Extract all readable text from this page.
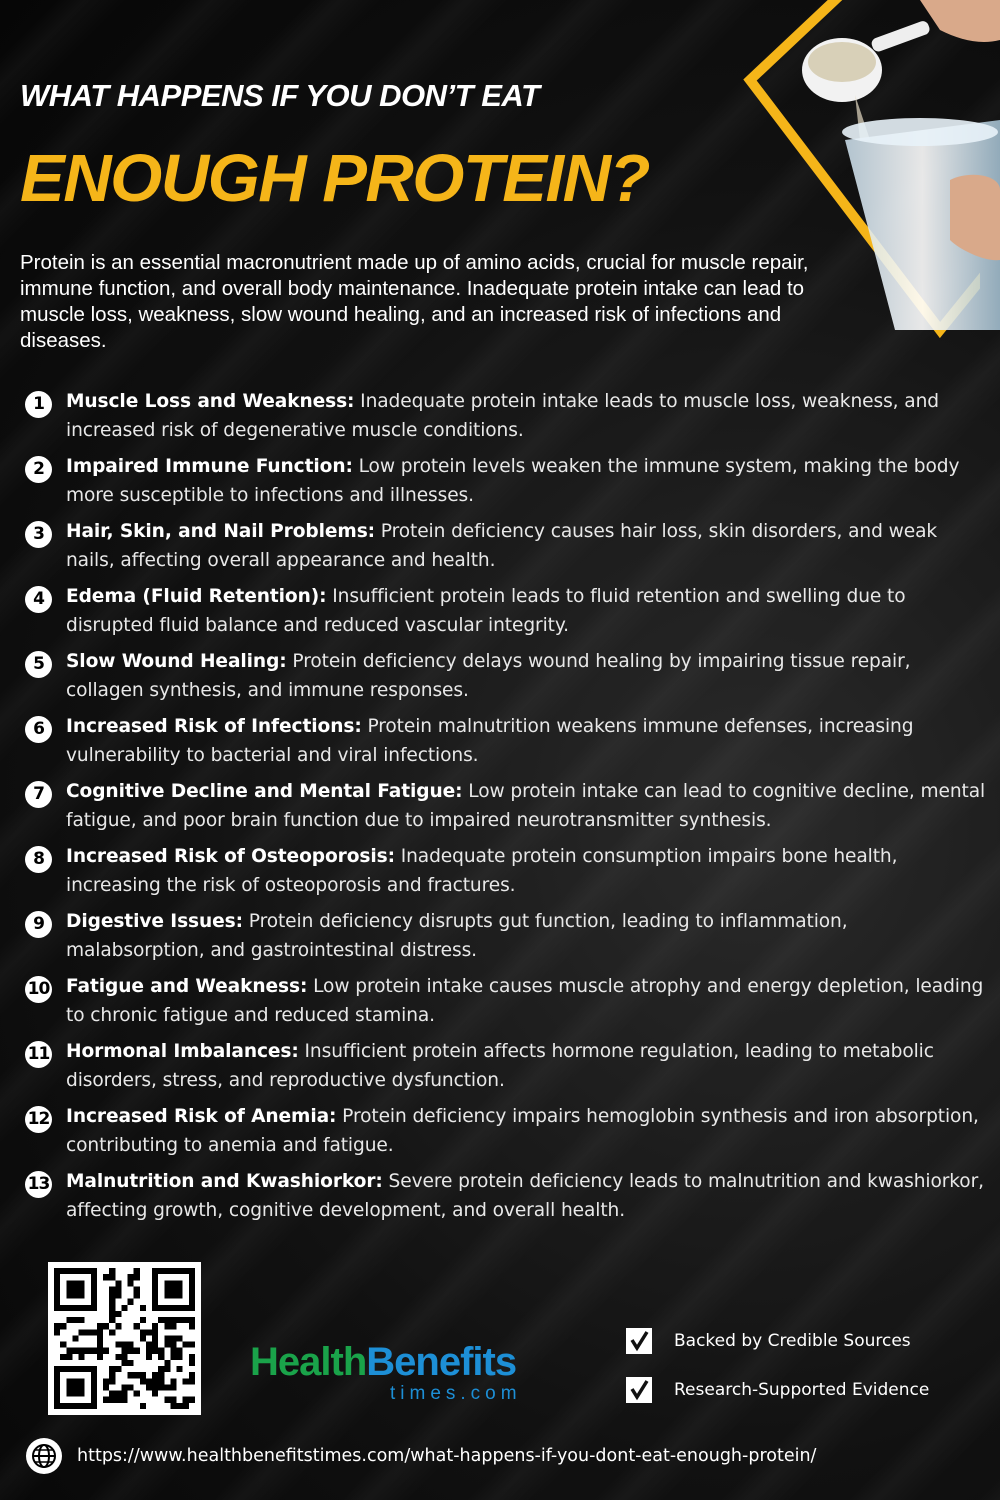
WHAT HAPPENS IF YOU DON’T EAT
ENOUGH PROTEIN?
Protein is an essential macronutrient made up of amino acids, crucial for muscle repair, immune function, and overall body maintenance. Inadequate protein intake can lead to muscle loss, weakness, slow wound healing, and an increased risk of infections and diseases.
1	Muscle Loss and Weakness: Inadequate protein intake leads to muscle loss, weakness, and increased risk of degenerative muscle conditions.
2	Impaired Immune Function: Low protein levels weaken the immune system, making the body more susceptible to infections and illnesses.
3	Hair, Skin, and Nail Problems: Protein deficiency causes hair loss, skin disorders, and weak nails, affecting overall appearance and health.
4	Edema (Fluid Retention): Insufficient protein leads to fluid retention and swelling due to disrupted fluid balance and reduced vascular integrity.
5	Slow Wound Healing: Protein deficiency delays wound healing by impairing tissue repair, collagen synthesis, and immune responses.
6	Increased Risk of Infections: Protein malnutrition weakens immune defenses, increasing vulnerability to bacterial and viral infections.
7	Cognitive Decline and Mental Fatigue: Low protein intake can lead to cognitive decline, mental fatigue, and poor brain function due to impaired neurotransmitter synthesis.
8	Increased Risk of Osteoporosis: Inadequate protein consumption impairs bone health, increasing the risk of osteoporosis and fractures.
9	Digestive Issues: Protein deficiency disrupts gut function, leading to inflammation, malabsorption, and gastrointestinal distress.
10 Fatigue and Weakness: Low protein intake causes muscle atrophy and energy depletion, leading to chronic fatigue and reduced stamina.
11 Hormonal Imbalances: Insufficient protein affects hormone regulation, leading to metabolic disorders, stress, and reproductive dysfunction.
12 Increased Risk of Anemia: Protein deficiency impairs hemoglobin synthesis and iron absorption, contributing to anemia and fatigue.
13 Malnutrition and Kwashiorkor: Severe protein deficiency leads to malnutrition and kwashiorkor, affecting growth, cognitive development, and overall health.
HealthBenefits
times.com
Backed by Credible Sources
Research-Supported Evidence
https://www.healthbenefitstimes.com/what-happens-if-you-dont-eat-enough-protein/
